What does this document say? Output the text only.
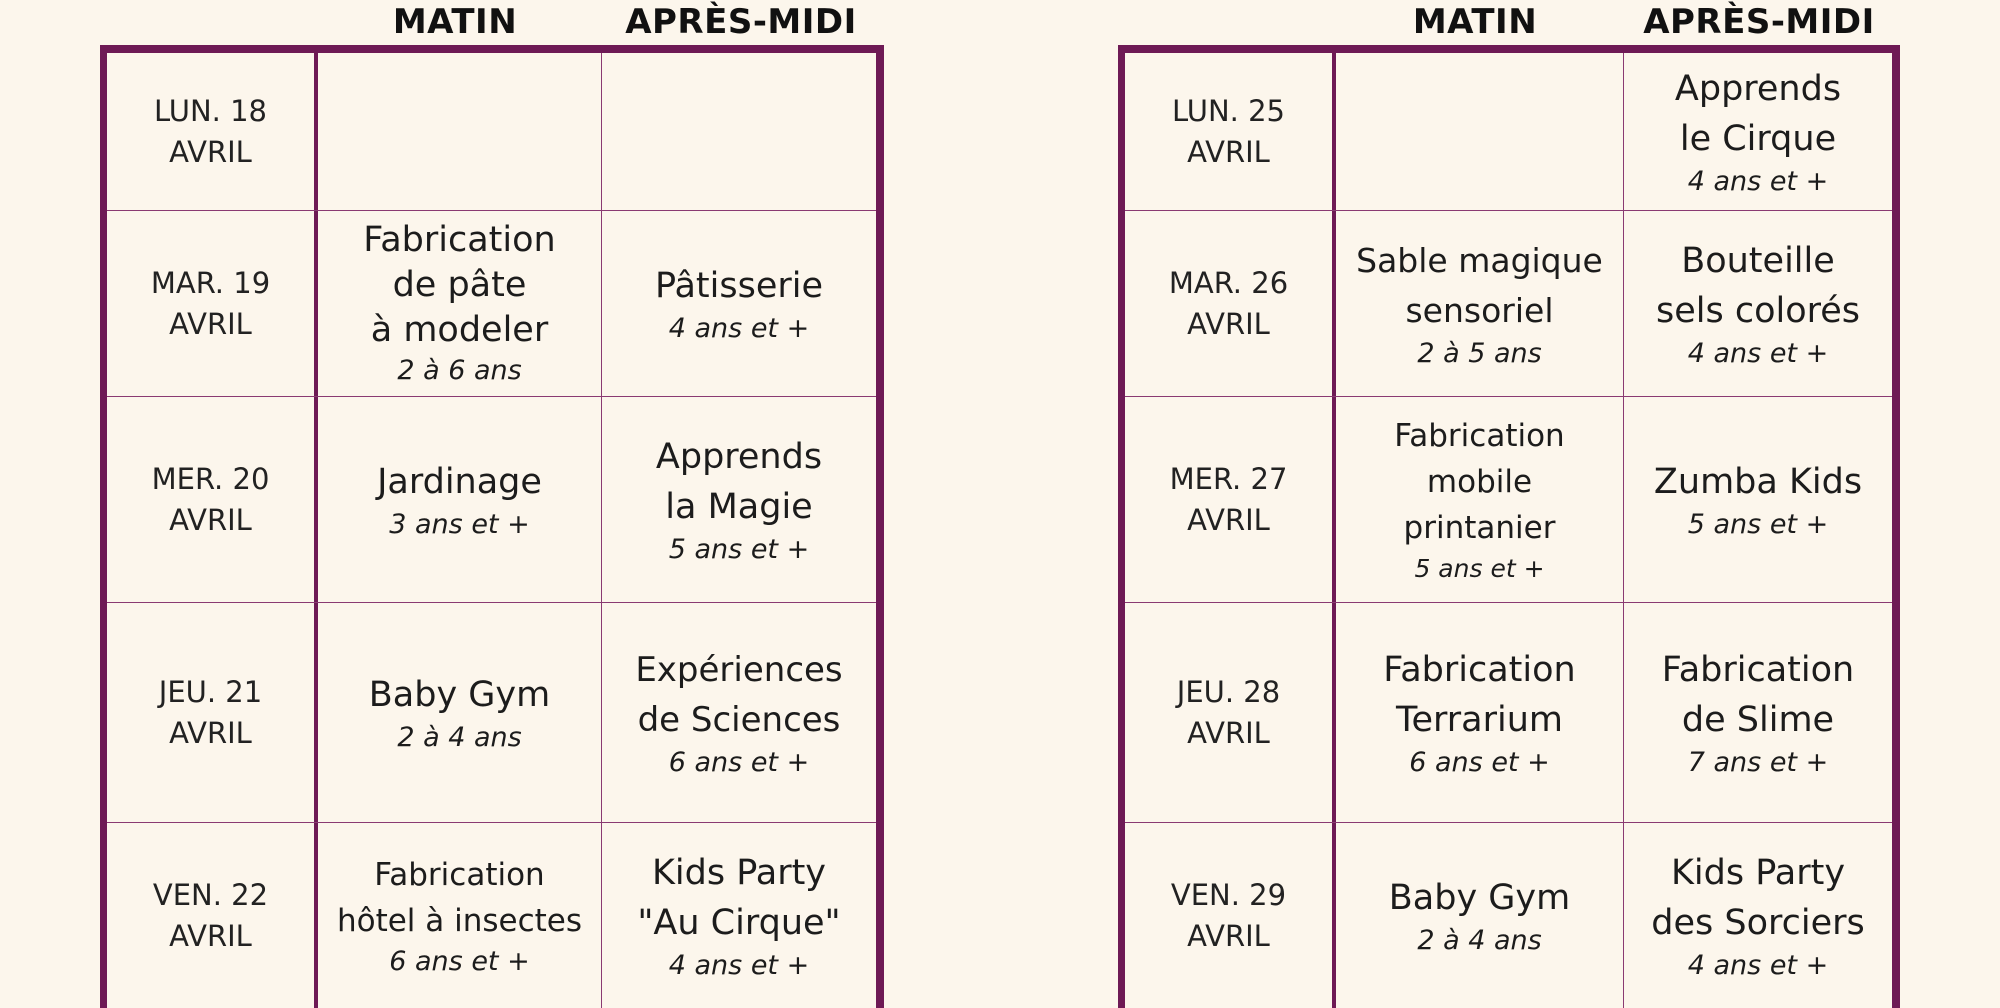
MATIN	APRÈS-MIDI
LUN. 18
AVRIL
MAR. 19
AVRIL
Fabrication
de pâte
à modeler
2 à 6 ans
Pâtisserie
4 ans et +
MER. 20
AVRIL
Jardinage
3 ans et +
Apprends
la Magie
5 ans et +
JEU. 21
AVRIL
Baby Gym
2 à 4 ans
Expériences
de Sciences
6 ans et +
VEN. 22
AVRIL
Fabrication
hôtel à insectes
6 ans et +
Kids Party
"Au Cirque"
4 ans et +
MATIN	APRÈS-MIDI
LUN. 25
AVRIL
Apprends
le Cirque
4 ans et +
MAR. 26
AVRIL
Sable magique
sensoriel
2 à 5 ans
Bouteille
sels colorés
4 ans et +
MER. 27
AVRIL
Fabrication
mobile
printanier
5 ans et +
Zumba Kids
5 ans et +
JEU. 28
AVRIL
Fabrication
Terrarium
6 ans et +
Fabrication
de Slime
7 ans et +
VEN. 29
AVRIL
Baby Gym
2 à 4 ans
Kids Party
des Sorciers
4 ans et +
